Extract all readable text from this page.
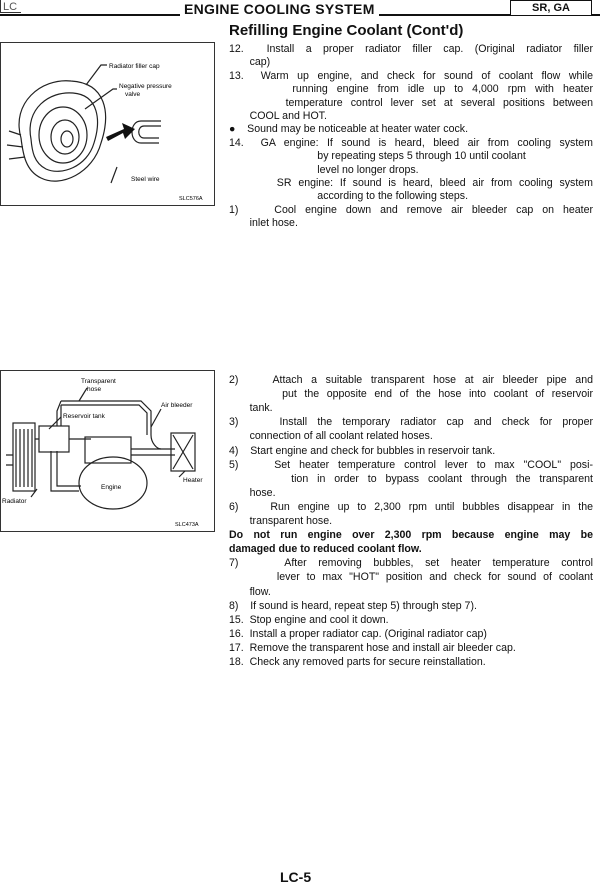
LC	ENGINE COOLING SYSTEM	SR, GA
Refilling Engine Coolant (Cont'd)
Radiator filler cap
Negative pressure
valve
Steel wire
SLC576A
Transparent
hose
Reservoir tank
Air bleeder
Heater
Engine
Radiator
SLC473A
12.  Install a proper radiator filler cap. (Original radiator filler
cap)
13.  Warm up engine, and check for sound of coolant flow while
running engine from idle up to 4,000 rpm with heater
temperature control lever set at several positions between
COOL and HOT.
●    Sound may be noticeable at heater water cock.
14.  GA engine: If sound is heard, bleed air from cooling system
by repeating steps 5 through 10 until coolant
level no longer drops.
SR engine: If sound is heard, bleed air from cooling system
according to the following steps.
1)    Cool engine down and remove air bleeder cap on heater
inlet hose.
2)    Attach a suitable transparent hose at air bleeder pipe and
put the opposite end of the hose into coolant of reservoir
tank.
3)    Install the temporary radiator cap and check for proper
connection of all coolant related hoses.
4)    Start engine and check for bubbles in reservoir tank.
5)    Set heater temperature control lever to max "COOL" posi-
tion in order to bypass coolant through the transparent
hose.
6)    Run engine up to 2,300 rpm until bubbles disappear in the
transparent hose.
Do not run engine over 2,300 rpm because engine may be
damaged due to reduced coolant flow.
7)    After removing bubbles, set heater temperature control
lever to max "HOT" position and check for sound of coolant
flow.
8)    If sound is heard, repeat step 5) through step 7).
15.  Stop engine and cool it down.
16.  Install a proper radiator cap. (Original radiator cap)
17.  Remove the transparent hose and install air bleeder cap.
18.  Check any removed parts for secure reinstallation.
LC-5
